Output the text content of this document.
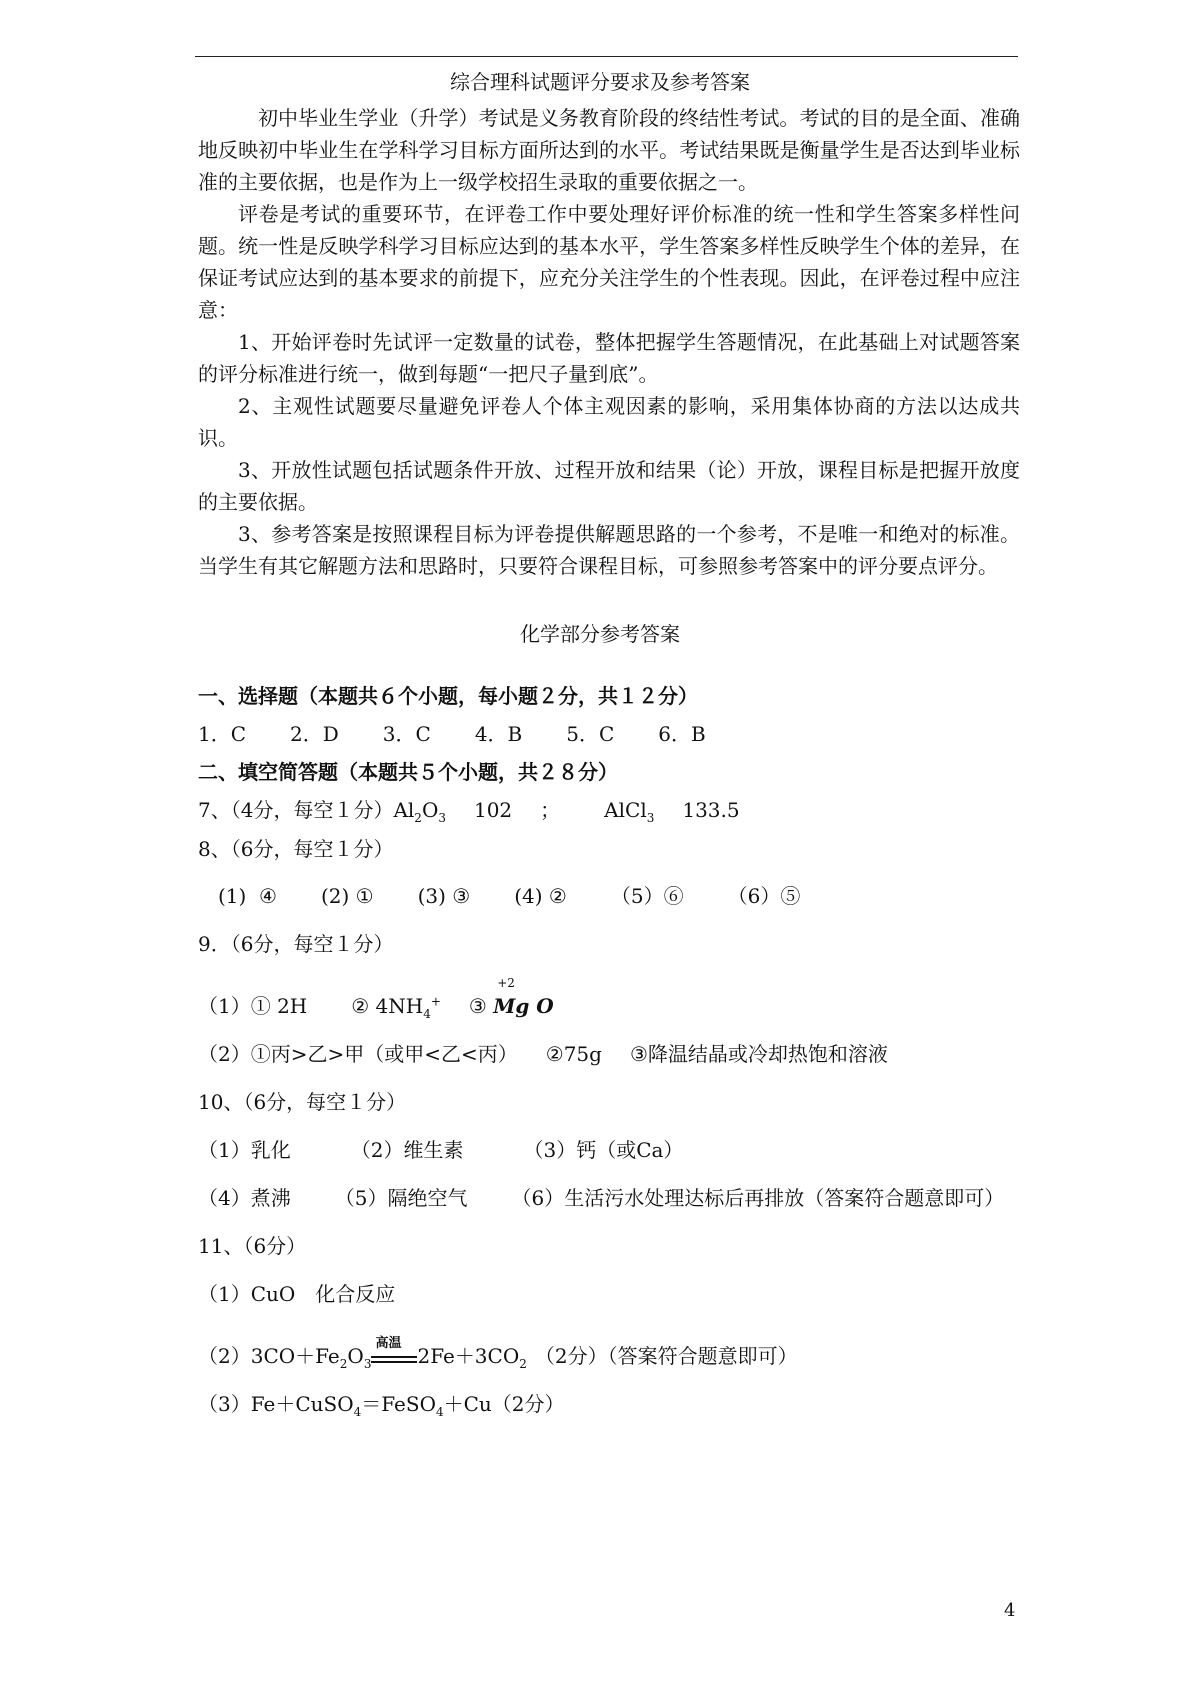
综合理科试题评分要求及参考答案

初中毕业生学业（升学）考试是义务教育阶段的终结性考试。考试的目的是全面、准确地反映初中毕业生在学科学习目标方面所达到的水平。考试结果既是衡量学生是否达到毕业标准的主要依据，也是作为上一级学校招生录取的重要依据之一。

评卷是考试的重要环节，在评卷工作中要处理好评价标准的统一性和学生答案多样性问题。统一性是反映学科学习目标应达到的基本水平，学生答案多样性反映学生个体的差异，在保证考试应达到的基本要求的前提下，应充分关注学生的个性表现。因此，在评卷过程中应注意：

1、开始评卷时先试评一定数量的试卷，整体把握学生答题情况，在此基础上对试题答案的评分标准进行统一，做到每题“一把尺子量到底”。

2、主观性试题要尽量避免评卷人个体主观因素的影响，采用集体协商的方法以达成共识。

3、开放性试题包括试题条件开放、过程开放和结果（论）开放，课程目标是把握开放度的主要依据。

3、参考答案是按照课程目标为评卷提供解题思路的一个参考，不是唯一和绝对的标准。当学生有其它解题方法和思路时，只要符合课程目标，可参照参考答案中的评分要点评分。

化学部分参考答案
一、选择题（本题共６个小题，每小题２分，共１２分）
1．C 2．D 3．C 4．B 5．C 6．B
二、填空简答题（本题共５个小题，共２８分）
7、（4分，每空１分）$Al_2O_3$ 102 ； AlCl$_3$ 133.5
8、（6分，每空１分）
(1)  ④ (2) ① (3) ③ (4) ② （5）⑥ （6）⑤
9．（6分，每空１分）
（1）① 2H ② $4NH_4^+$ ③
+2
Mg O
（2）①丙>乙>甲（或甲<乙<丙） ②75g ③降温结晶或冷却热饱和溶液
10、（6分，每空１分）
（1）乳化	（2）维生素	（3）钙（或Ca）
（4）煮沸 （5）隔绝空气 （6）生活污水处理达标后再排放（答案符合题意即可）
11、（6分）
（1）CuO　化合反应
$(2)3CO+Fe_2O_3$
高温
$2Fe+3CO_2$ （2分）（答案符合题意即可）
（3）Fe＋CuSO$_4$＝FeSO$_4$＋Cu（2分）
4
